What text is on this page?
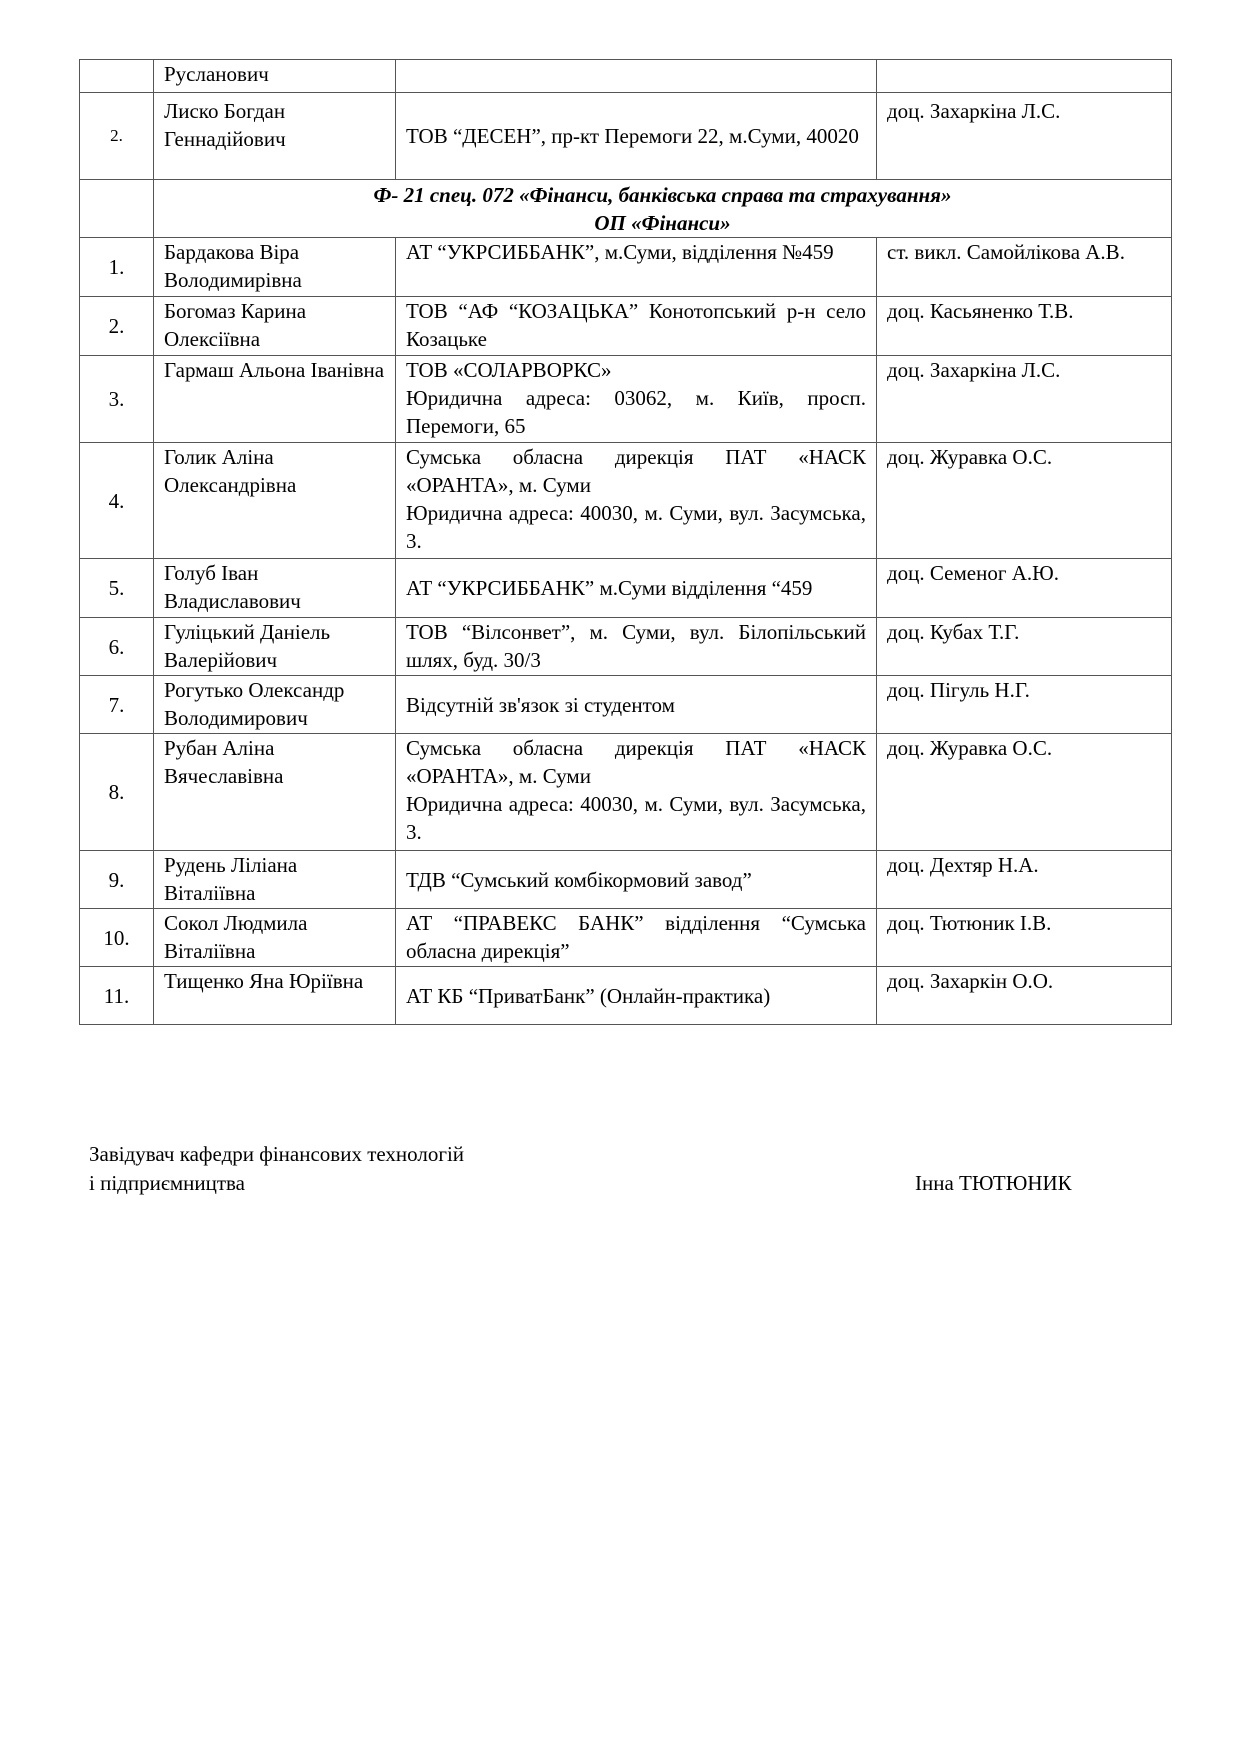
	Русланович		
2.	Лиско Богдан Геннадійович	ТОВ “ДЕСЕН”, пр-кт Перемоги 22, м.Суми, 40020	доц. Захаркіна Л.С.

	Ф- 21 спец. 072 «Фінанси, банківська справа та страхування»
ОП «Фінанси»		

1.	Бардакова Віра Володимирівна	АТ “УКРСИББАНК”, м.Суми, відділення №459	ст. викл. Самойлікова А.В.
2.	Богомаз Карина Олексіївна	ТОВ “АФ “КОЗАЦЬКА” Конотопський р-н село Козацьке	доц. Касьяненко Т.В.
3.	Гармаш Альона Іванівна	ТОВ «СОЛАРВОРКС»
Юридична адреса: 03062, м. Київ, просп. Перемоги, 65	доц. Захаркіна Л.С.
4.	Голик Аліна Олександрівна	Сумська обласна дирекція ПАТ «НАСК «ОРАНТА», м. Суми
Юридична адреса: 40030, м. Суми, вул. Засумська, 3.	доц. Журавка О.С.
5.	Голуб Іван Владиславович	АТ “УКРСИББАНК” м.Суми відділення “459	доц. Семеног А.Ю.
6.	Гуліцький Даніель Валерійович	ТОВ “Вілсонвет”, м. Суми, вул. Білопільський шлях, буд. 30/3	доц. Кубах Т.Г.
7.	Рогутько Олександр Володимирович	Відсутній зв'язок зі студентом	доц. Пігуль Н.Г.
8.	Рубан Аліна Вячеславівна	Сумська обласна дирекція ПАТ «НАСК «ОРАНТА», м. Суми
Юридична адреса: 40030, м. Суми, вул. Засумська, 3.	доц. Журавка О.С.
9.	Рудень Ліліана Віталіївна	ТДВ “Сумський комбікормовий завод”	доц. Дехтяр Н.А.
10.	Сокол Людмила Віталіївна	АТ “ПРАВЕКС БАНК” відділення “Сумська обласна дирекція”	доц. Тютюник І.В.
11.	Тищенко Яна Юріївна	АТ КБ “ПриватБанк” (Онлайн-практика)	доц. Захаркін О.О.
Завідувач кафедри фінансових технологій
і підприємництва	Інна ТЮТЮНИК
